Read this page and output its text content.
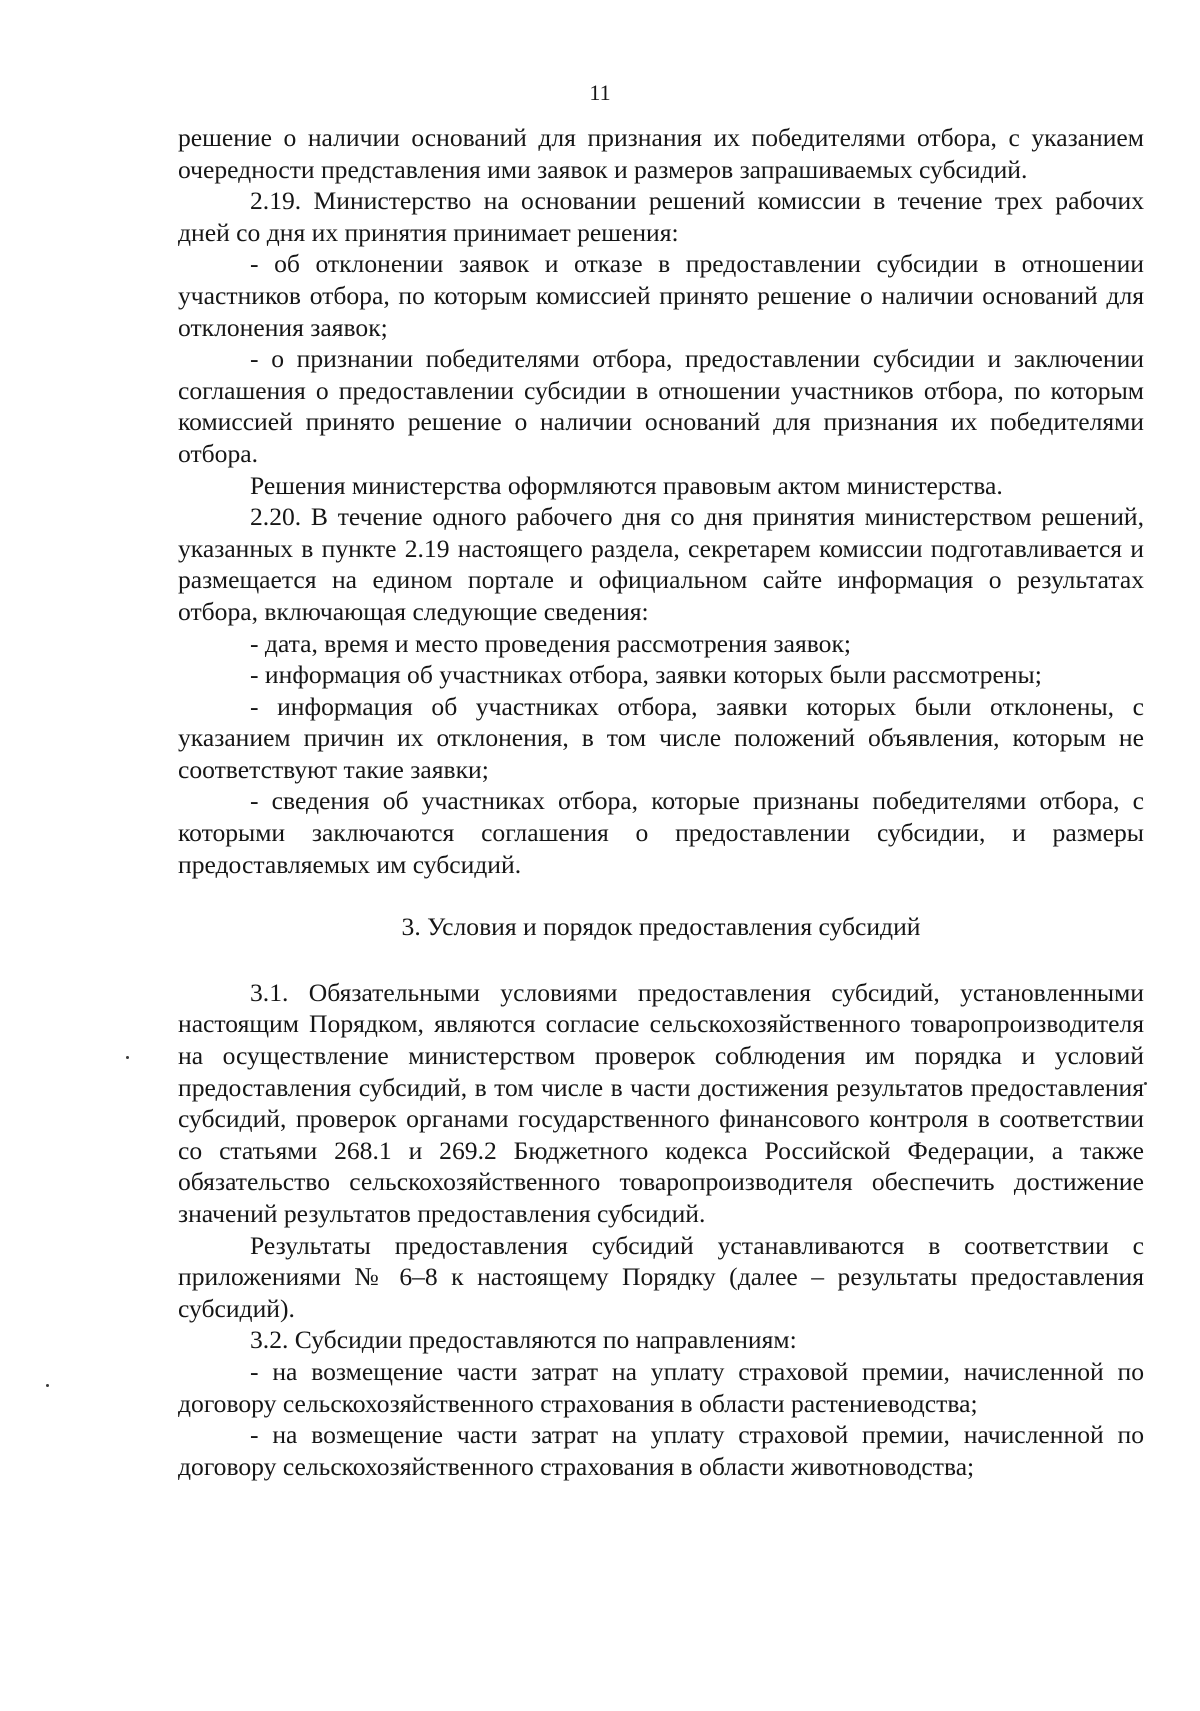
11

решение о наличии оснований для признания их победителями отбора, с указанием очередности представления ими заявок и размеров запрашиваемых субсидий.

2.19. Министерство на основании решений комиссии в течение трех рабочих дней со дня их принятия принимает решения:

- об отклонении заявок и отказе в предоставлении субсидии в отношении участников отбора, по которым комиссией принято решение о наличии оснований для отклонения заявок;

- о признании победителями отбора, предоставлении субсидии и заключении соглашения о предоставлении субсидии в отношении участников отбора, по которым комиссией принято решение о наличии оснований для признания их победителями отбора.

Решения министерства оформляются правовым актом министерства.

2.20. В течение одного рабочего дня со дня принятия министерством решений, указанных в пункте 2.19 настоящего раздела, секретарем комиссии подготавливается и размещается на едином портале и официальном сайте информация о результатах отбора, включающая следующие сведения:

- дата, время и место проведения рассмотрения заявок;

- информация об участниках отбора, заявки которых были рассмотрены;

- информация об участниках отбора, заявки которых были отклонены, с указанием причин их отклонения, в том числе положений объявления, которым не соответствуют такие заявки;

- сведения об участниках отбора, которые признаны победителями отбора, с которыми заключаются соглашения о предоставлении субсидии, и размеры предоставляемых им субсидий.

3. Условия и порядок предоставления субсидий

3.1. Обязательными условиями предоставления субсидий, установленными настоящим Порядком, являются согласие сельскохозяйственного товаропроизводителя на осуществление министерством проверок соблюдения им порядка и условий предоставления субсидий, в том числе в части достижения результатов предоставления субсидий, проверок органами государственного финансового контроля в соответствии со статьями 268.1 и 269.2 Бюджетного кодекса Российской Федерации, а также обязательство сельскохозяйственного товаропроизводителя обеспечить достижение значений результатов предоставления субсидий.

Результаты предоставления субсидий устанавливаются в соответствии с приложениями № 6–8 к настоящему Порядку (далее – результаты предоставления субсидий).

3.2. Субсидии предоставляются по направлениям:

- на возмещение части затрат на уплату страховой премии, начисленной по договору сельскохозяйственного страхования в области растениеводства;

- на возмещение части затрат на уплату страховой премии, начисленной по договору сельскохозяйственного страхования в области животноводства;
